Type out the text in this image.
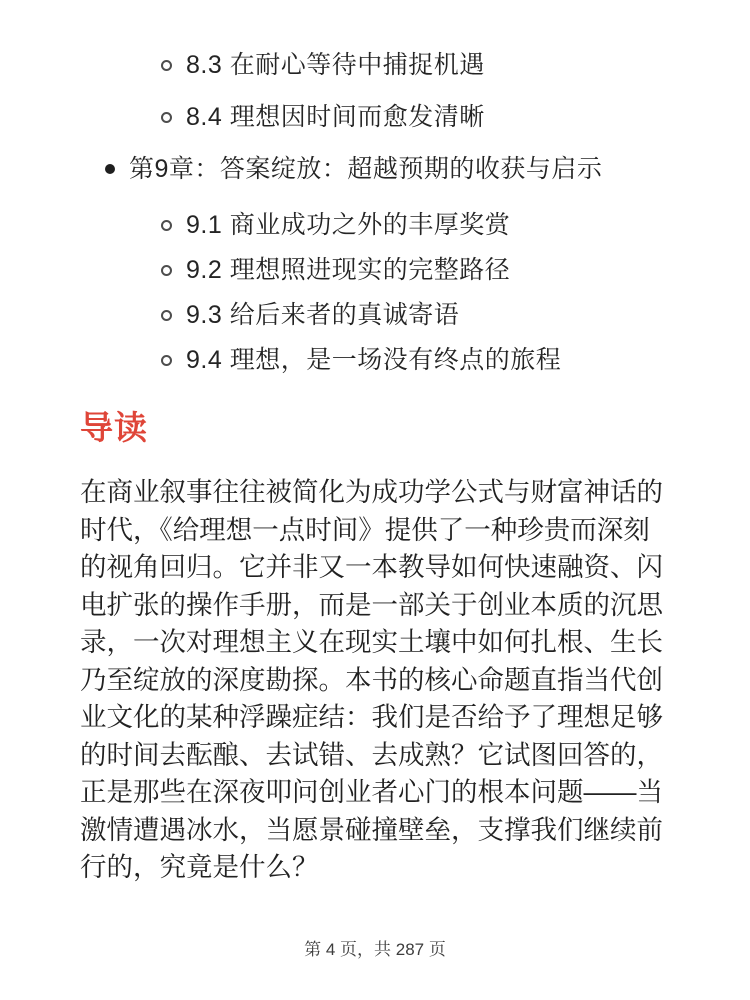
8.3 在耐心等待中捕捉机遇
8.4 理想因时间而愈发清晰
第9章：答案绽放：超越预期的收获与启示
9.1 商业成功之外的丰厚奖赏
9.2 理想照进现实的完整路径
9.3 给后来者的真诚寄语
9.4 理想，是一场没有终点的旅程
导读
在商业叙事往往被简化为成功学公式与财富神话的时代，《给理想一点时间》提供了一种珍贵而深刻的视角回归。它并非又一本教导如何快速融资、闪电扩张的操作手册，而是一部关于创业本质的沉思录，一次对理想主义在现实土壤中如何扎根、生长乃至绽放的深度勘探。本书的核心命题直指当代创业文化的某种浮躁症结：我们是否给予了理想足够的时间去酝酿、去试错、去成熟？它试图回答的，正是那些在深夜叩问创业者心门的根本问题——当激情遭遇冰水，当愿景碰撞壁垒，支撑我们继续前行的，究竟是什么？
第 4 页，共 287 页
